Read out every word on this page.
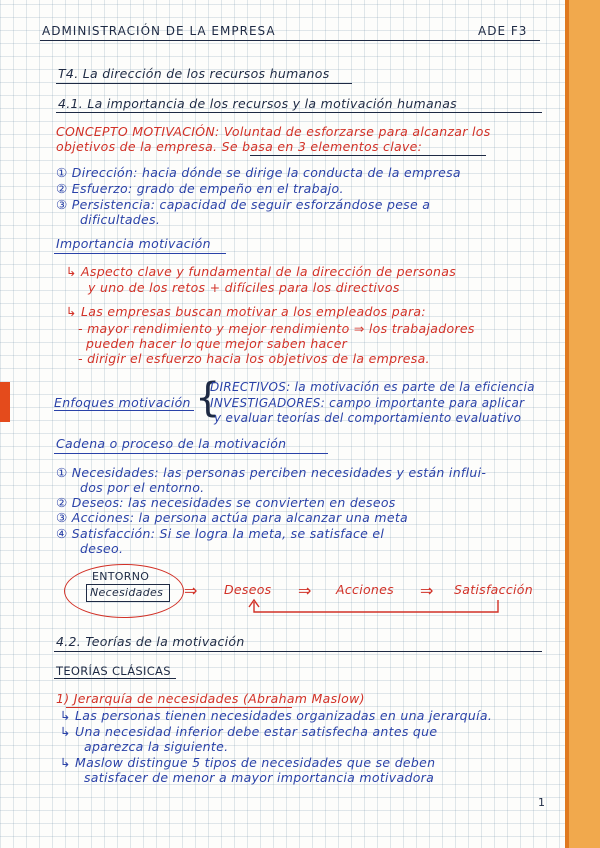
ADMINISTRACIÓN DE LA EMPRESA	ADE F3
T4. La dirección de los recursos humanos
4.1. La importancia de los recursos y la motivación humanas
CONCEPTO MOTIVACIÓN: Voluntad de esforzarse para alcanzar los
objetivos de la empresa. Se basa en 3 elementos clave:
① Dirección: hacia dónde se dirige la conducta de la empresa
② Esfuerzo: grado de empeño en el trabajo.
③ Persistencia: capacidad de seguir esforzándose pese a
dificultades.
Importancia motivación
↳ Aspecto clave y fundamental de la dirección de personas
y uno de los retos + difíciles para los directivos
↳ Las empresas buscan motivar a los empleados para:
- mayor rendimiento y mejor rendimiento ⇒ los trabajadores
pueden hacer lo que mejor saben hacer
- dirigir el esfuerzo hacia los objetivos de la empresa.
Enfoques motivación {
DIRECTIVOS: la motivación es parte de la eficiencia
INVESTIGADORES: campo importante para aplicar
y evaluar teorías del comportamiento evaluativo
Cadena o proceso de la motivación
① Necesidades: las personas perciben necesidades y están influi-
dos por el entorno.
② Deseos: las necesidades se convierten en deseos
③ Acciones: la persona actúa para alcanzar una meta
④ Satisfacción: Si se logra la meta, se satisface el
deseo.
ENTORNO
Necesidades ⇒ Deseos ⇒ Acciones ⇒ Satisfacción
4.2. Teorías de la motivación
TEORÍAS CLÁSICAS
1) Jerarquía de necesidades (Abraham Maslow)
↳ Las personas tienen necesidades organizadas en una jerarquía.
↳ Una necesidad inferior debe estar satisfecha antes que
aparezca la siguiente.
↳ Maslow distingue 5 tipos de necesidades que se deben
satisfacer de menor a mayor importancia motivadora
1
